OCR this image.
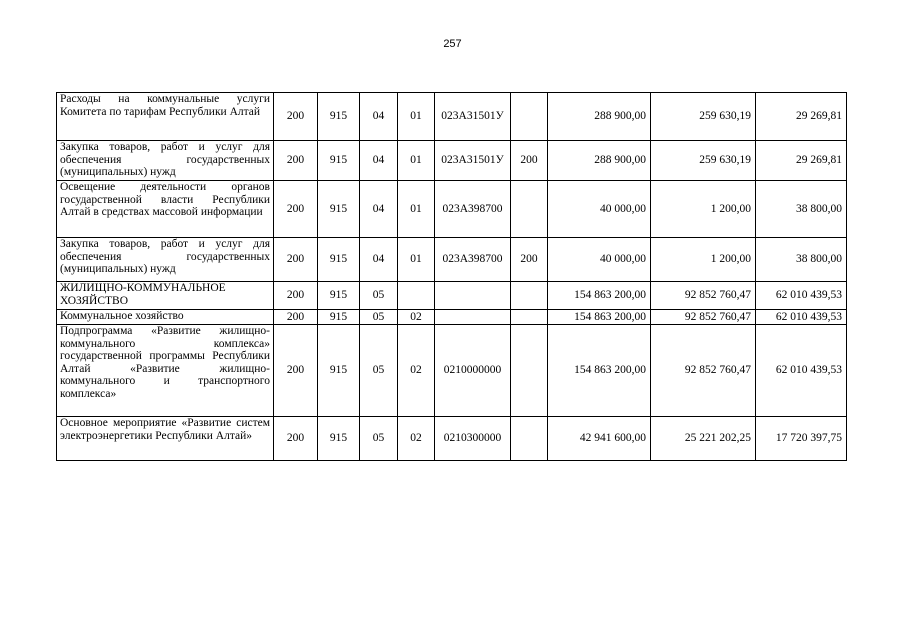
257
Расходы на коммунальные услуги Комитета по тарифам Республики Алтай	200	915	04	01	023А31501У		288 900,00	259 630,19	29 269,81
Закупка товаров, работ и услуг для обеспечения государственных (муниципальных) нужд	200	915	04	01	023А31501У	200	288 900,00	259 630,19	29 269,81
Освещение деятельности органов государственной власти Республики Алтай в средствах массовой информации	200	915	04	01	023А398700		40 000,00	1 200,00	38 800,00
Закупка товаров, работ и услуг для обеспечения государственных (муниципальных) нужд	200	915	04	01	023А398700	200	40 000,00	1 200,00	38 800,00
ЖИЛИЩНО-КОММУНАЛЬНОЕ ХОЗЯЙСТВО	200	915	05				154 863 200,00	92 852 760,47	62 010 439,53
Коммунальное хозяйство	200	915	05	02			154 863 200,00	92 852 760,47	62 010 439,53
Подпрограмма «Развитие жилищно-коммунального комплекса» государственной программы Республики Алтай «Развитие жилищно-коммунального и транспортного комплекса»	200	915	05	02	0210000000		154 863 200,00	92 852 760,47	62 010 439,53
Основное мероприятие «Развитие систем электроэнергетики Республики Алтай»	200	915	05	02	0210300000		42 941 600,00	25 221 202,25	17 720 397,75
